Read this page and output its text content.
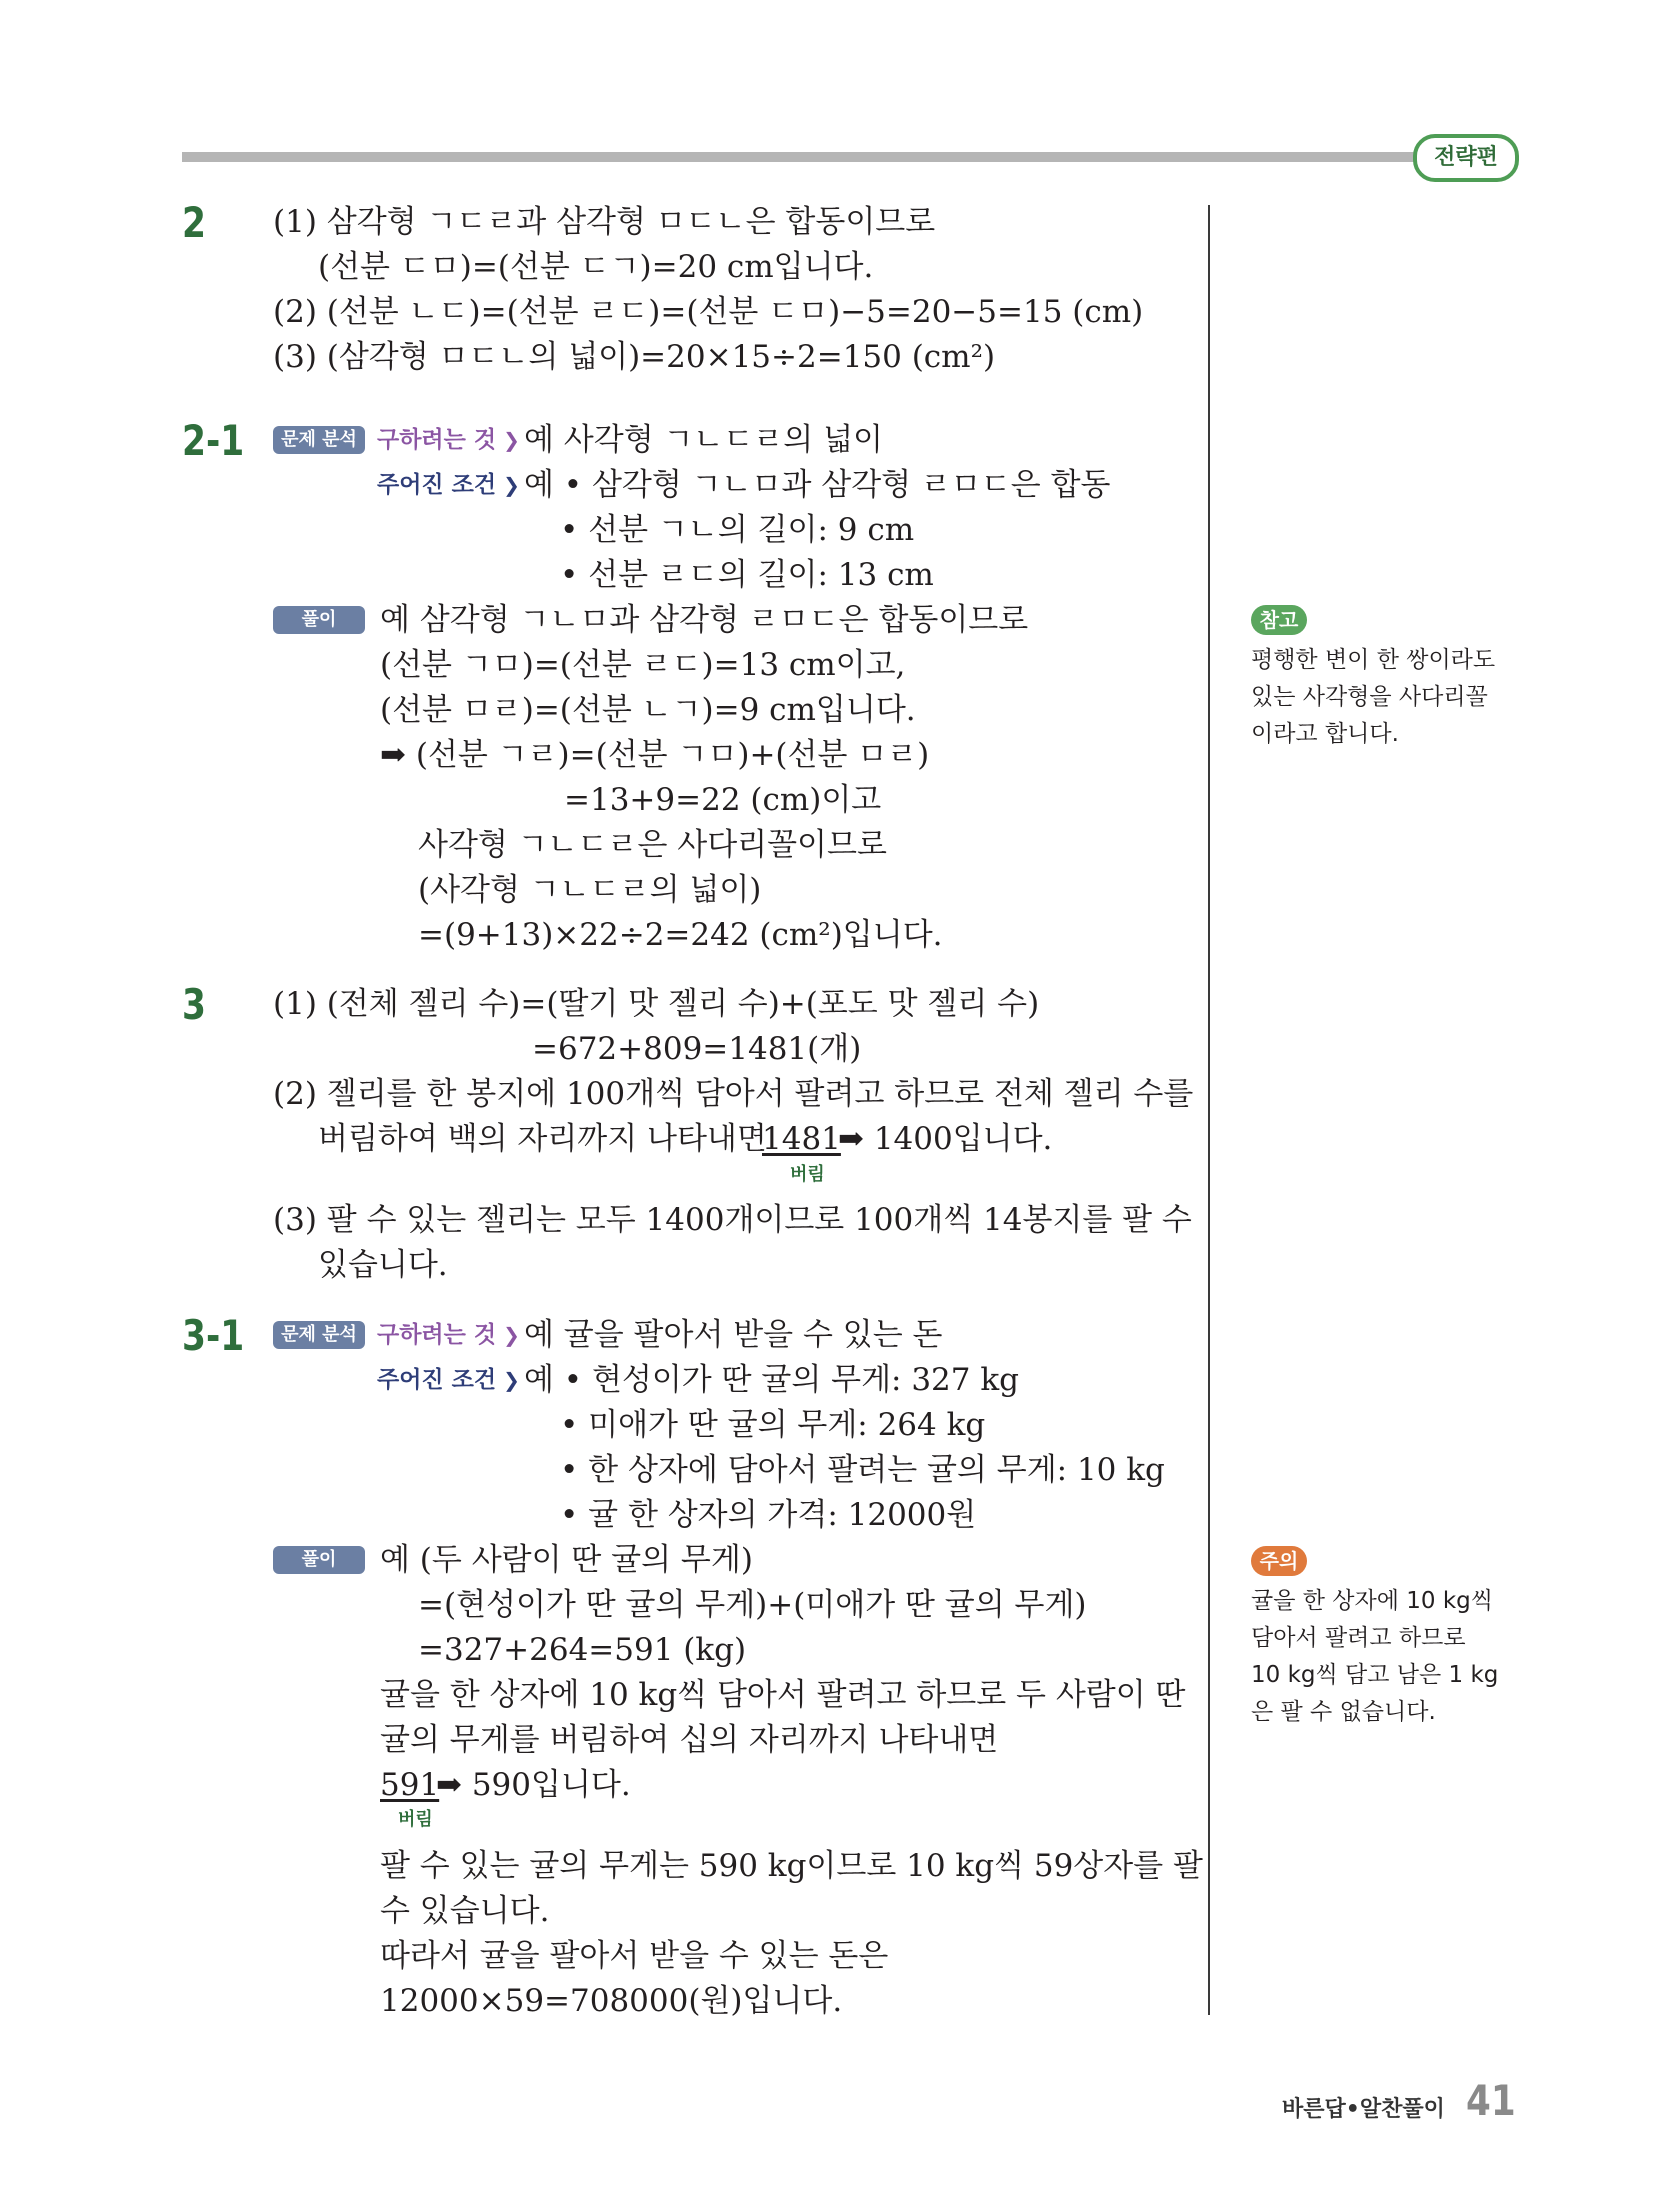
전략편
2 (1) 삼각형 ㄱㄷㄹ과 삼각형 ㅁㄷㄴ은 합동이므로
(선분 ㄷㅁ)=(선분 ㄷㄱ)=20 cm입니다.
(2) (선분 ㄴㄷ)=(선분 ㄹㄷ)=(선분 ㄷㅁ)−5=20−5=15 (cm)
(3) (삼각형 ㅁㄷㄴ의 넓이)=20×15÷2=150 (cm²)
2-1	문제 분석 구하려는 것 ❯ 예 사각형 ㄱㄴㄷㄹ의 넓이
주어진 조건 ❯ 예 • 삼각형 ㄱㄴㅁ과 삼각형 ㄹㅁㄷ은 합동
• 선분 ㄱㄴ의 길이: 9 cm
• 선분 ㄹㄷ의 길이: 13 cm
풀이	예 삼각형 ㄱㄴㅁ과 삼각형 ㄹㅁㄷ은 합동이므로
(선분 ㄱㅁ)=(선분 ㄹㄷ)=13 cm이고,
(선분 ㅁㄹ)=(선분 ㄴㄱ)=9 cm입니다.
➡ (선분 ㄱㄹ)=(선분 ㄱㅁ)+(선분 ㅁㄹ)
=13+9=22 (cm)이고
사각형 ㄱㄴㄷㄹ은 사다리꼴이므로
(사각형 ㄱㄴㄷㄹ의 넓이)
=(9+13)×22÷2=242 (cm²)입니다.
3 (1) (전체 젤리 수)=(딸기 맛 젤리 수)+(포도 맛 젤리 수)
=672+809=1481(개)
(2) 젤리를 한 봉지에 100개씩 담아서 팔려고 하므로 전체 젤리 수를
버림하여 백의 자리까지 나타내면
1481
➡ 1400입니다.
버림
(3) 팔 수 있는 젤리는 모두 1400개이므로 100개씩 14봉지를 팔 수
있습니다.
3-1	문제 분석 구하려는 것 ❯ 예 귤을 팔아서 받을 수 있는 돈
주어진 조건 ❯ 예 • 현성이가 딴 귤의 무게: 327 kg
• 미애가 딴 귤의 무게: 264 kg
• 한 상자에 담아서 팔려는 귤의 무게: 10 kg
• 귤 한 상자의 가격: 12000원
풀이	예 (두 사람이 딴 귤의 무게)
=(현성이가 딴 귤의 무게)+(미애가 딴 귤의 무게)
=327+264=591 (kg)
귤을 한 상자에 10 kg씩 담아서 팔려고 하므로 두 사람이 딴
귤의 무게를 버림하여 십의 자리까지 나타내면
591
➡ 590입니다.
버림
팔 수 있는 귤의 무게는 590 kg이므로 10 kg씩 59상자를 팔
수 있습니다.
따라서 귤을 팔아서 받을 수 있는 돈은
12000×59=708000(원)입니다.
참고
평행한 변이 한 쌍이라도
있는 사각형을 사다리꼴
이라고 합니다.
주의
귤을 한 상자에 10 kg씩
담아서 팔려고 하므로
10 kg씩 담고 남은 1 kg
은 팔 수 없습니다.
바른답•알찬풀이 41
